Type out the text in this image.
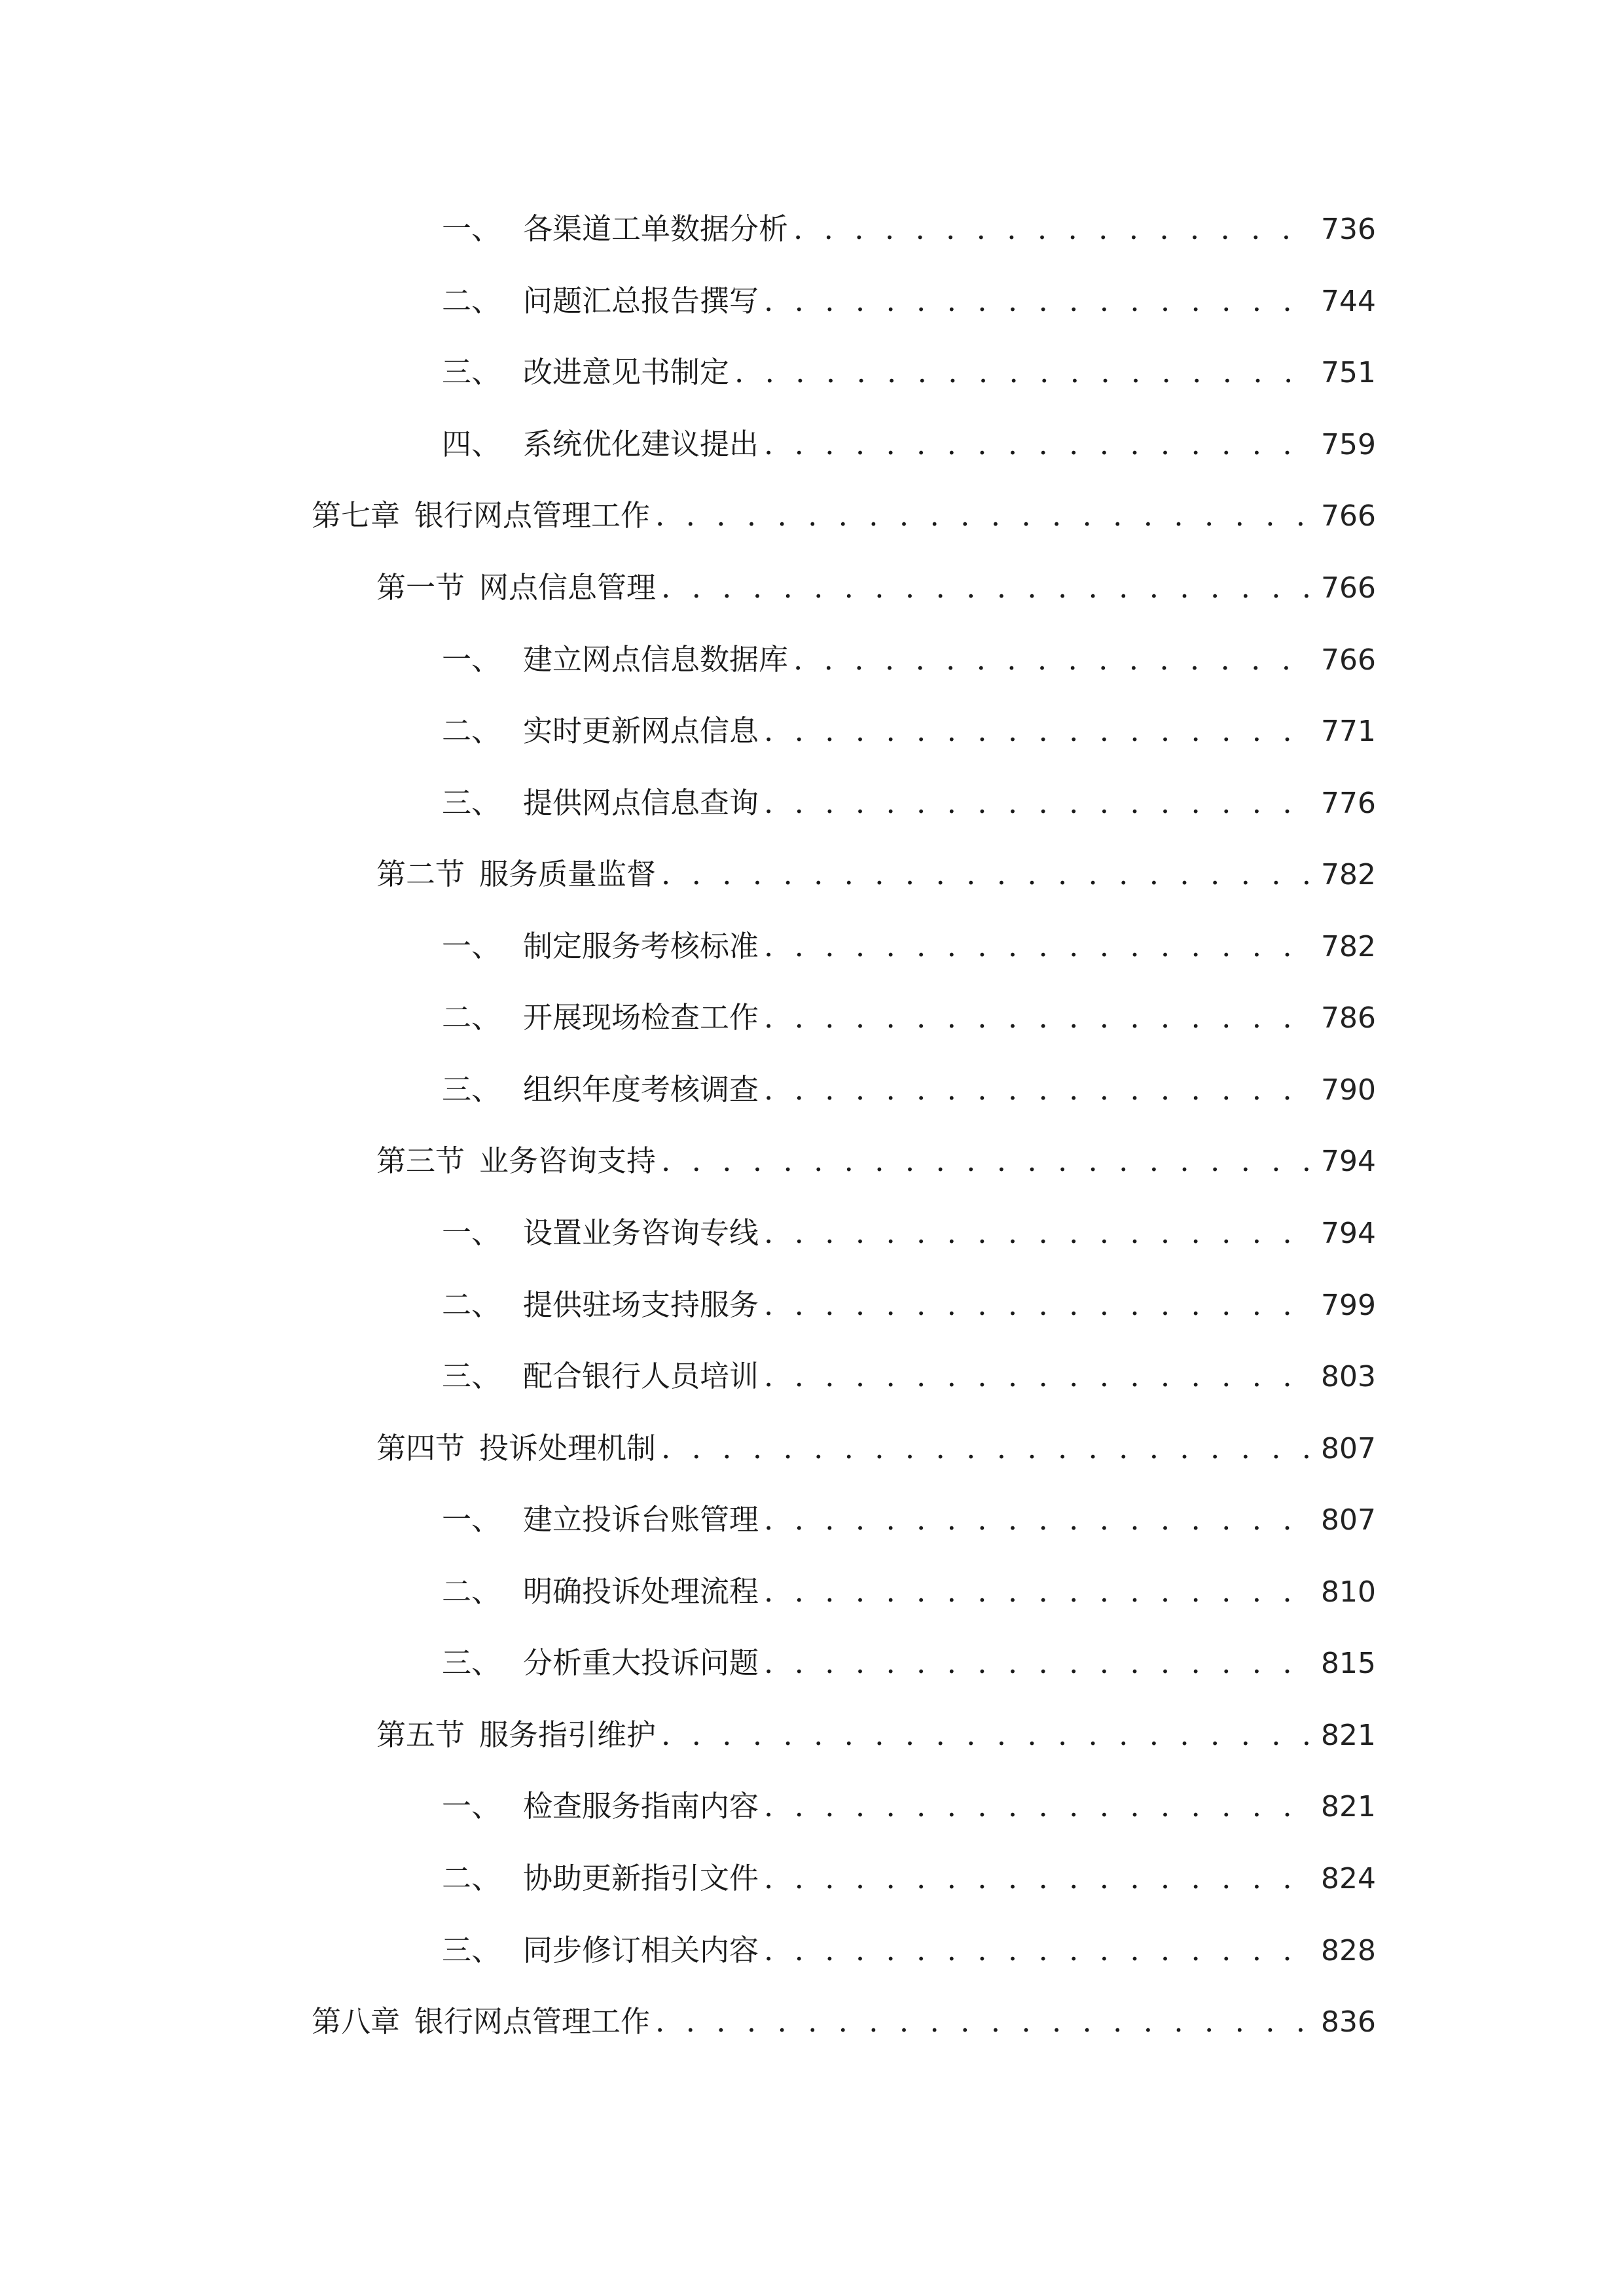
一、 各渠道工单数据分析 . . .	736
二、 问题汇总报告撰写 . . .	744
三、 改进意见书制定 . . .	751
四、 系统优化建议提出 . . .	759
第七章 银行网点管理工作 . . .	766
第一节 网点信息管理 . . .	766
一、 建立网点信息数据库 . . .	766
二、 实时更新网点信息 . . .	771
三、 提供网点信息查询 . . .	776
第二节 服务质量监督 . . .	782
一、 制定服务考核标准 . . .	782
二、 开展现场检查工作 . . .	786
三、 组织年度考核调查 . . .	790
第三节 业务咨询支持 . . .	794
一、 设置业务咨询专线 . . .	794
二、 提供驻场支持服务 . . .	799
三、 配合银行人员培训 . . .	803
第四节 投诉处理机制 . . .	807
一、 建立投诉台账管理 . . .	807
二、 明确投诉处理流程 . . .	810
三、 分析重大投诉问题 . . .	815
第五节 服务指引维护 . . .	821
一、 检查服务指南内容 . . .	821
二、 协助更新指引文件 . . .	824
三、 同步修订相关内容 . . .	828
第八章 银行网点管理工作 . . .	836
